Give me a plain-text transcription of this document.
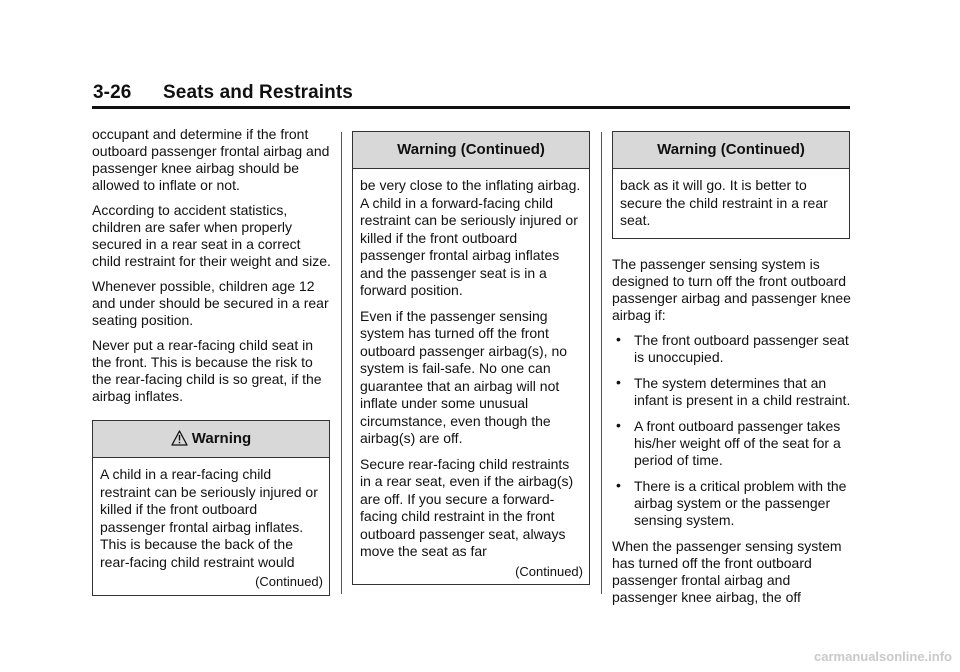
3-26 Seats and Restraints

occupant and determine if the front outboard passenger frontal airbag and passenger knee airbag should be allowed to inflate or not.

According to accident statistics, children are safer when properly secured in a rear seat in a correct child restraint for their weight and size.

Whenever possible, children age 12 and under should be secured in a rear seating position.

Never put a rear-facing child seat in the front. This is because the risk to the rear-facing child is so great, if the airbag inflates.

Warning

A child in a rear-facing child restraint can be seriously injured or killed if the front outboard passenger frontal airbag inflates. This is because the back of the rear-facing child restraint would

(Continued)
Warning (Continued)

be very close to the inflating airbag. A child in a forward-facing child restraint can be seriously injured or killed if the front outboard passenger frontal airbag inflates and the passenger seat is in a forward position.

Even if the passenger sensing system has turned off the front outboard passenger airbag(s), no system is fail-safe. No one can guarantee that an airbag will not inflate under some unusual circumstance, even though the airbag(s) are off.

Secure rear-facing child restraints in a rear seat, even if the airbag(s) are off. If you secure a forward-facing child restraint in the front outboard passenger seat, always move the seat as far

(Continued)
Warning (Continued)

back as it will go. It is better to secure the child restraint in a rear seat.

The passenger sensing system is designed to turn off the front outboard passenger airbag and passenger knee airbag if:

• The front outboard passenger seat is unoccupied.
• The system determines that an infant is present in a child restraint.
• A front outboard passenger takes his/her weight off of the seat for a period of time.
• There is a critical problem with the airbag system or the passenger sensing system.

When the passenger sensing system has turned off the front outboard passenger frontal airbag and passenger knee airbag, the off

carmanualsonline.info
